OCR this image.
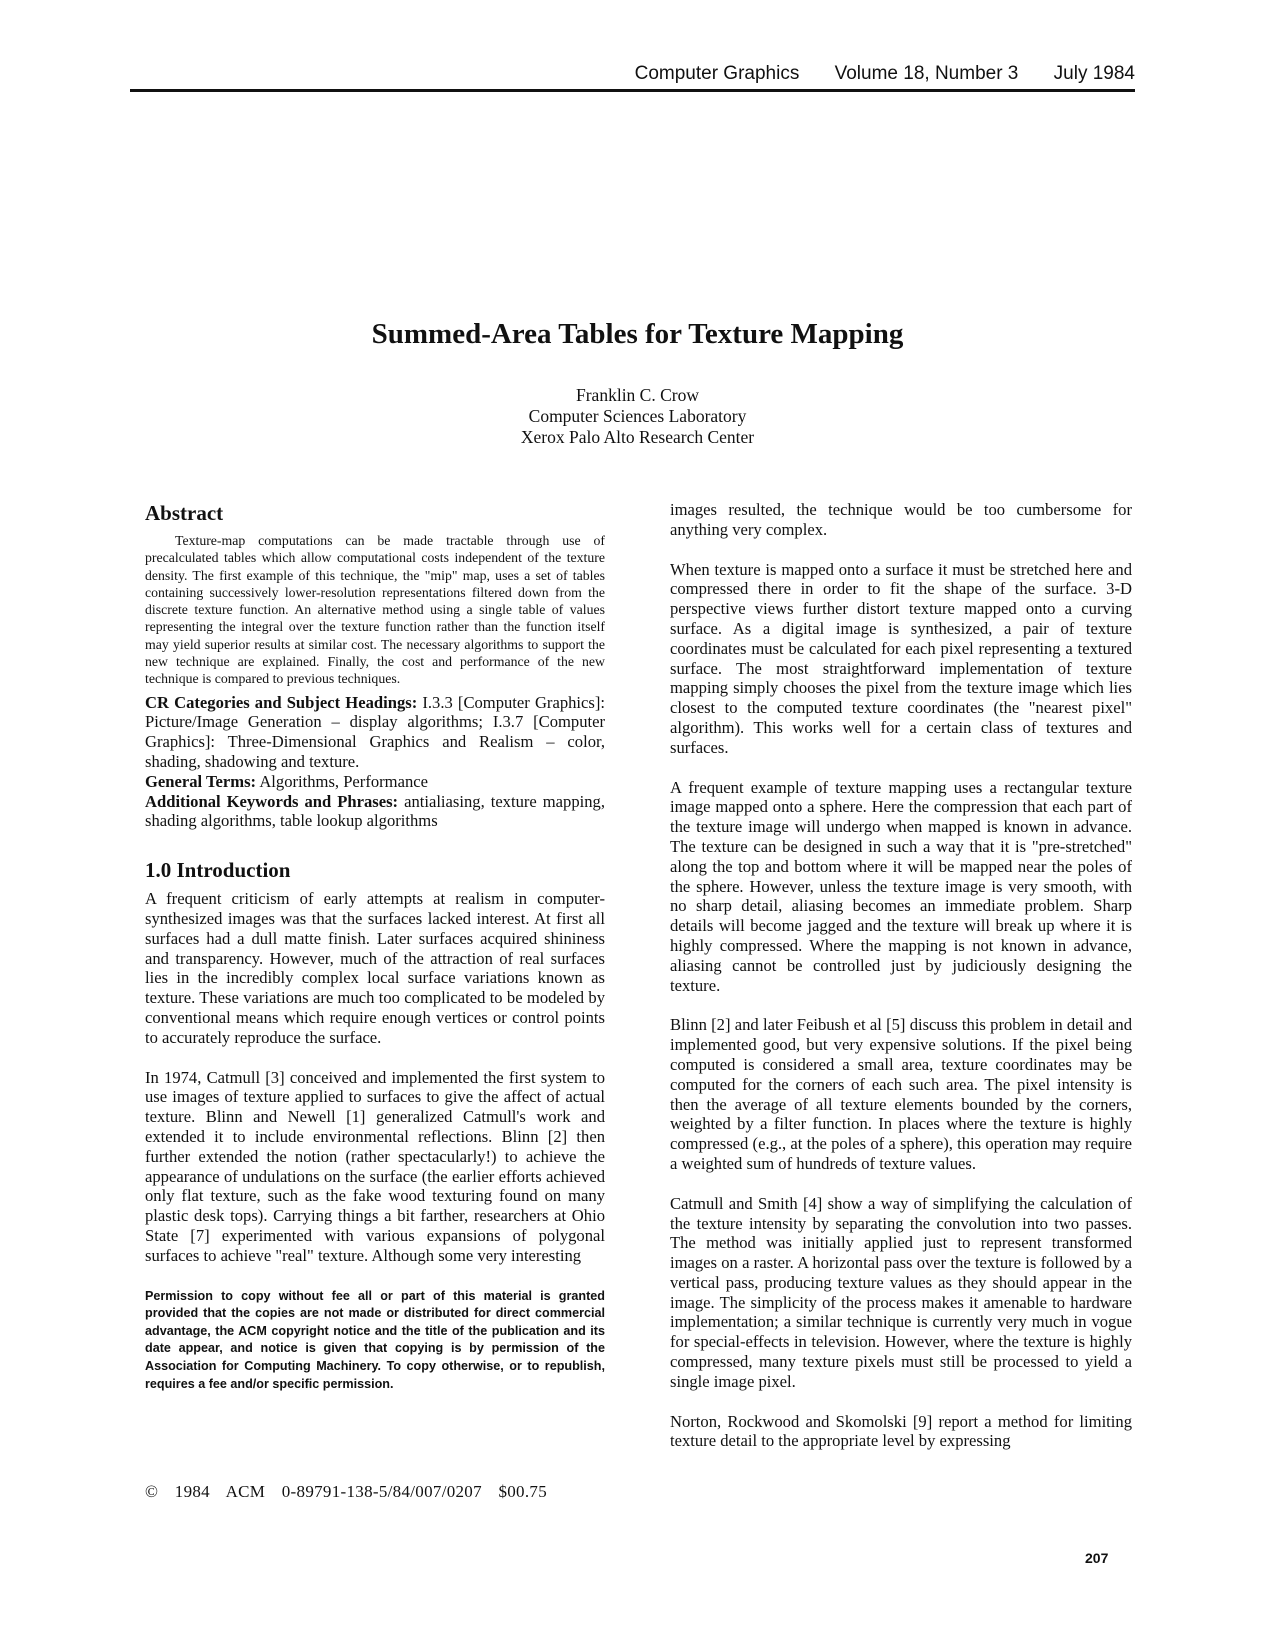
Computer Graphics Volume 18, Number 3 July 1984
Summed-Area Tables for Texture Mapping
Franklin C. Crow
Computer Sciences Laboratory
Xerox Palo Alto Research Center
Abstract

Texture-map computations can be made tractable through use of precalculated tables which allow computational costs independent of the texture density. The first example of this technique, the "mip" map, uses a set of tables containing successively lower-resolution representations filtered down from the discrete texture function. An alternative method using a single table of values representing the integral over the texture function rather than the function itself may yield superior results at similar cost. The necessary algorithms to support the new technique are explained. Finally, the cost and performance of the new technique is compared to previous techniques.

CR Categories and Subject Headings: I.3.3 [Computer Graphics]: Picture/Image Generation – display algorithms; I.3.7 [Computer Graphics]: Three-Dimensional Graphics and Realism – color, shading, shadowing and texture.

General Terms: Algorithms, Performance

Additional Keywords and Phrases: antialiasing, texture mapping, shading algorithms, table lookup algorithms

1.0 Introduction

A frequent criticism of early attempts at realism in computer-synthesized images was that the surfaces lacked interest. At first all surfaces had a dull matte finish. Later surfaces acquired shininess and transparency. However, much of the attraction of real surfaces lies in the incredibly complex local surface variations known as texture. These variations are much too complicated to be modeled by conventional means which require enough vertices or control points to accurately reproduce the surface.

In 1974, Catmull [3] conceived and implemented the first system to use images of texture applied to surfaces to give the affect of actual texture. Blinn and Newell [1] generalized Catmull's work and extended it to include environmental reflections. Blinn [2] then further extended the notion (rather spectacularly!) to achieve the appearance of undulations on the surface (the earlier efforts achieved only flat texture, such as the fake wood texturing found on many plastic desk tops). Carrying things a bit farther, researchers at Ohio State [7] experimented with various expansions of polygonal surfaces to achieve "real" texture. Although some very interesting

Permission to copy without fee all or part of this material is granted provided that the copies are not made or distributed for direct commercial advantage, the ACM copyright notice and the title of the publication and its date appear, and notice is given that copying is by permission of the Association for Computing Machinery. To copy otherwise, or to republish, requires a fee and/or specific permission.
© 1984 ACM 0-89791-138-5/84/007/0207 $00.75

images resulted, the technique would be too cumbersome for anything very complex.

When texture is mapped onto a surface it must be stretched here and compressed there in order to fit the shape of the surface. 3-D perspective views further distort texture mapped onto a curving surface. As a digital image is synthesized, a pair of texture coordinates must be calculated for each pixel representing a textured surface. The most straightforward implementation of texture mapping simply chooses the pixel from the texture image which lies closest to the computed texture coordinates (the "nearest pixel" algorithm). This works well for a certain class of textures and surfaces.

A frequent example of texture mapping uses a rectangular texture image mapped onto a sphere. Here the compression that each part of the texture image will undergo when mapped is known in advance. The texture can be designed in such a way that it is "pre-stretched" along the top and bottom where it will be mapped near the poles of the sphere. However, unless the texture image is very smooth, with no sharp detail, aliasing becomes an immediate problem. Sharp details will become jagged and the texture will break up where it is highly compressed. Where the mapping is not known in advance, aliasing cannot be controlled just by judiciously designing the texture.

Blinn [2] and later Feibush et al [5] discuss this problem in detail and implemented good, but very expensive solutions. If the pixel being computed is considered a small area, texture coordinates may be computed for the corners of each such area. The pixel intensity is then the average of all texture elements bounded by the corners, weighted by a filter function. In places where the texture is highly compressed (e.g., at the poles of a sphere), this operation may require a weighted sum of hundreds of texture values.

Catmull and Smith [4] show a way of simplifying the calculation of the texture intensity by separating the convolution into two passes. The method was initially applied just to represent transformed images on a raster. A horizontal pass over the texture is followed by a vertical pass, producing texture values as they should appear in the image. The simplicity of the process makes it amenable to hardware implementation; a similar technique is currently very much in vogue for special-effects in television. However, where the texture is highly compressed, many texture pixels must still be processed to yield a single image pixel.

Norton, Rockwood and Skomolski [9] report a method for limiting texture detail to the appropriate level by expressing

207
